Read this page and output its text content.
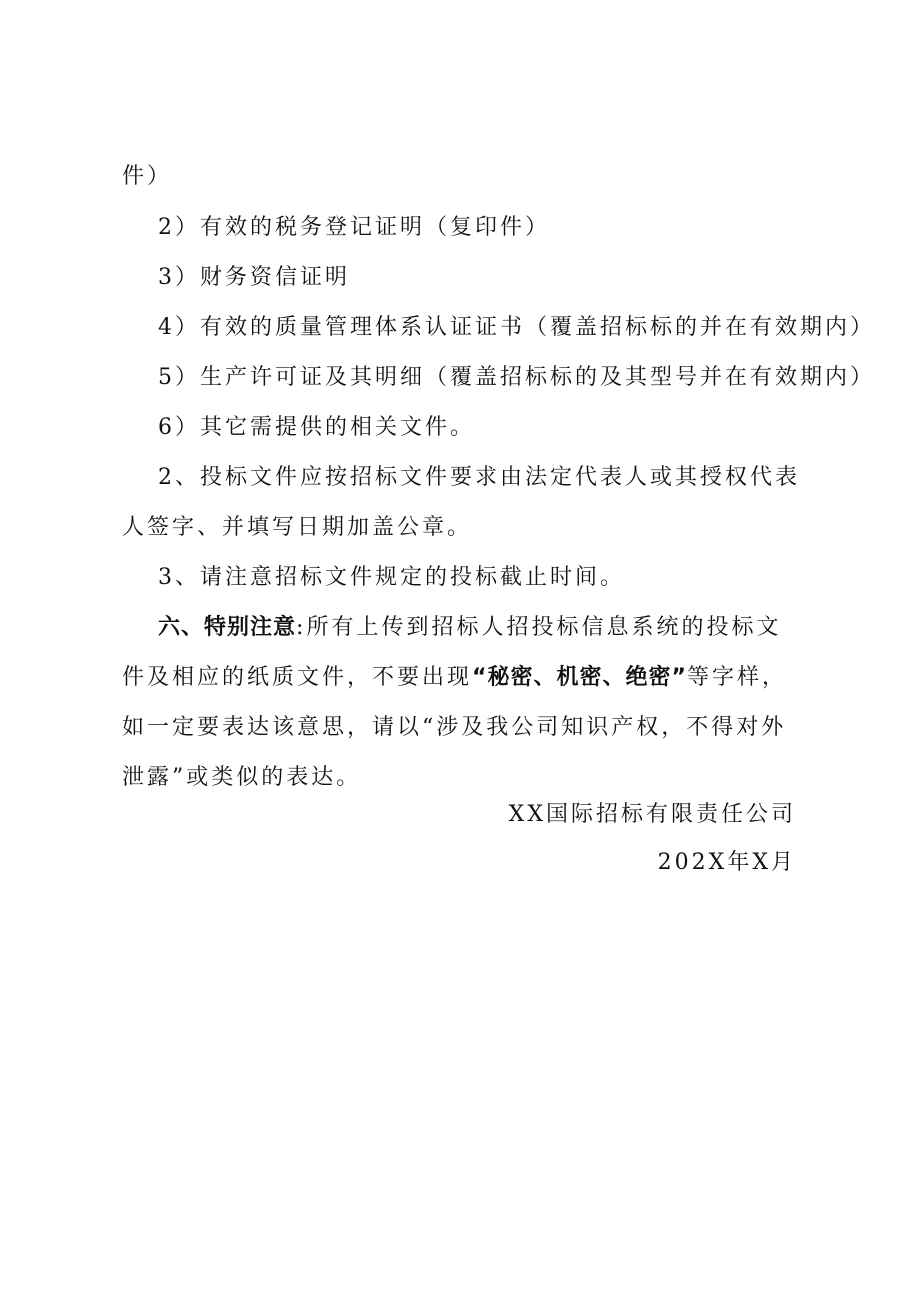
件）

2）有效的税务登记证明（复印件）

3）财务资信证明

4）有效的质量管理体系认证证书（覆盖招标标的并在有效期内）

5）生产许可证及其明细（覆盖招标标的及其型号并在有效期内）

6）其它需提供的相关文件。

2、投标文件应按招标文件要求由法定代表人或其授权代表人签字、并填写日期加盖公章。

3、请注意招标文件规定的投标截止时间。

六、特别注意:所有上传到招标人招投标信息系统的投标文件及相应的纸质文件，不要出现“秘密、机密、绝密”等字样，如一定要表达该意思，请以“涉及我公司知识产权，不得对外泄露”或类似的表达。

XX国际招标有限责任公司
202X年X月
